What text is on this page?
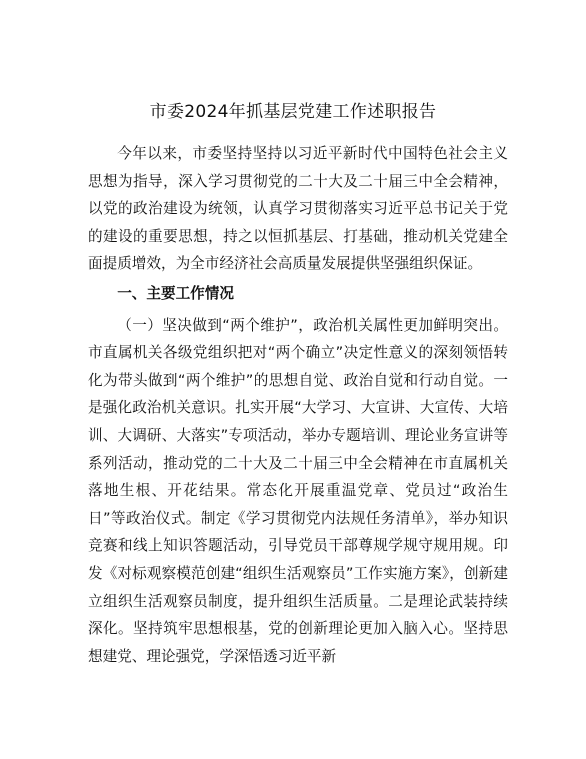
市委2024年抓基层党建工作述职报告

今年以来，市委坚持坚持以习近平新时代中国特色社会主义思想为指导，深入学习贯彻党的二十大及二十届三中全会精神，以党的政治建设为统领，认真学习贯彻落实习近平总书记关于党的建设的重要思想，持之以恒抓基层、打基础，推动机关党建全面提质增效，为全市经济社会高质量发展提供坚强组织保证。

一、主要工作情况

（一）坚决做到“两个维护”，政治机关属性更加鲜明突出。市直属机关各级党组织把对“两个确立”决定性意义的深刻领悟转化为带头做到“两个维护”的思想自觉、政治自觉和行动自觉。一是强化政治机关意识。扎实开展“大学习、大宣讲、大宣传、大培训、大调研、大落实”专项活动，举办专题培训、理论业务宣讲等系列活动，推动党的二十大及二十届三中全会精神在市直属机关落地生根、开花结果。常态化开展重温党章、党员过“政治生日”等政治仪式。制定《学习贯彻党内法规任务清单》，举办知识竞赛和线上知识答题活动，引导党员干部尊规学规守规用规。印发《对标观察模范创建“组织生活观察员”工作实施方案》，创新建立组织生活观察员制度，提升组织生活质量。二是理论武装持续深化。坚持筑牢思想根基，党的创新理论更加入脑入心。坚持思想建党、理论强党，学深悟透习近平新
